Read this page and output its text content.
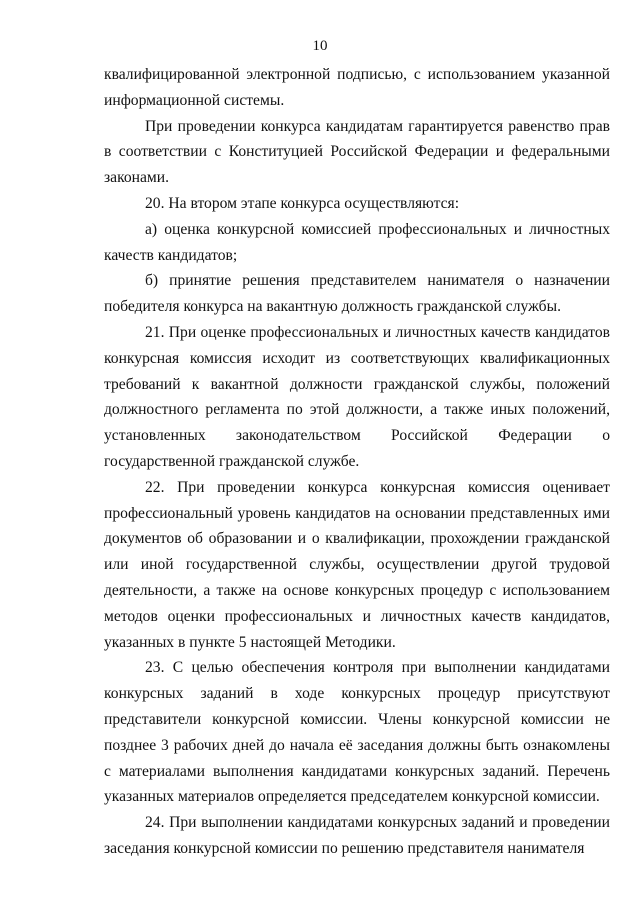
10

квалифицированной электронной подписью, с использованием указанной информационной системы.

При проведении конкурса кандидатам гарантируется равенство прав в соответствии с Конституцией Российской Федерации и федеральными законами.

20. На втором этапе конкурса осуществляются:

а) оценка конкурсной комиссией профессиональных и личностных качеств кандидатов;

б) принятие решения представителем нанимателя о назначении победителя конкурса на вакантную должность гражданской службы.

21. При оценке профессиональных и личностных качеств кандидатов конкурсная комиссия исходит из соответствующих квалификационных требований к вакантной должности гражданской службы, положений должностного регламента по этой должности, а также иных положений, установленных законодательством Российской Федерации о государственной гражданской службе.

22. При проведении конкурса конкурсная комиссия оценивает профессиональный уровень кандидатов на основании представленных ими документов об образовании и о квалификации, прохождении гражданской или иной государственной службы, осуществлении другой трудовой деятельности, а также на основе конкурсных процедур с использованием методов оценки профессиональных и личностных качеств кандидатов, указанных в пункте 5 настоящей Методики.

23. С целью обеспечения контроля при выполнении кандидатами конкурсных заданий в ходе конкурсных процедур присутствуют представители конкурсной комиссии. Члены конкурсной комиссии не позднее 3 рабочих дней до начала её заседания должны быть ознакомлены с материалами выполнения кандидатами конкурсных заданий. Перечень указанных материалов определяется председателем конкурсной комиссии.

24. При выполнении кандидатами конкурсных заданий и проведении заседания конкурсной комиссии по решению представителя нанимателя
